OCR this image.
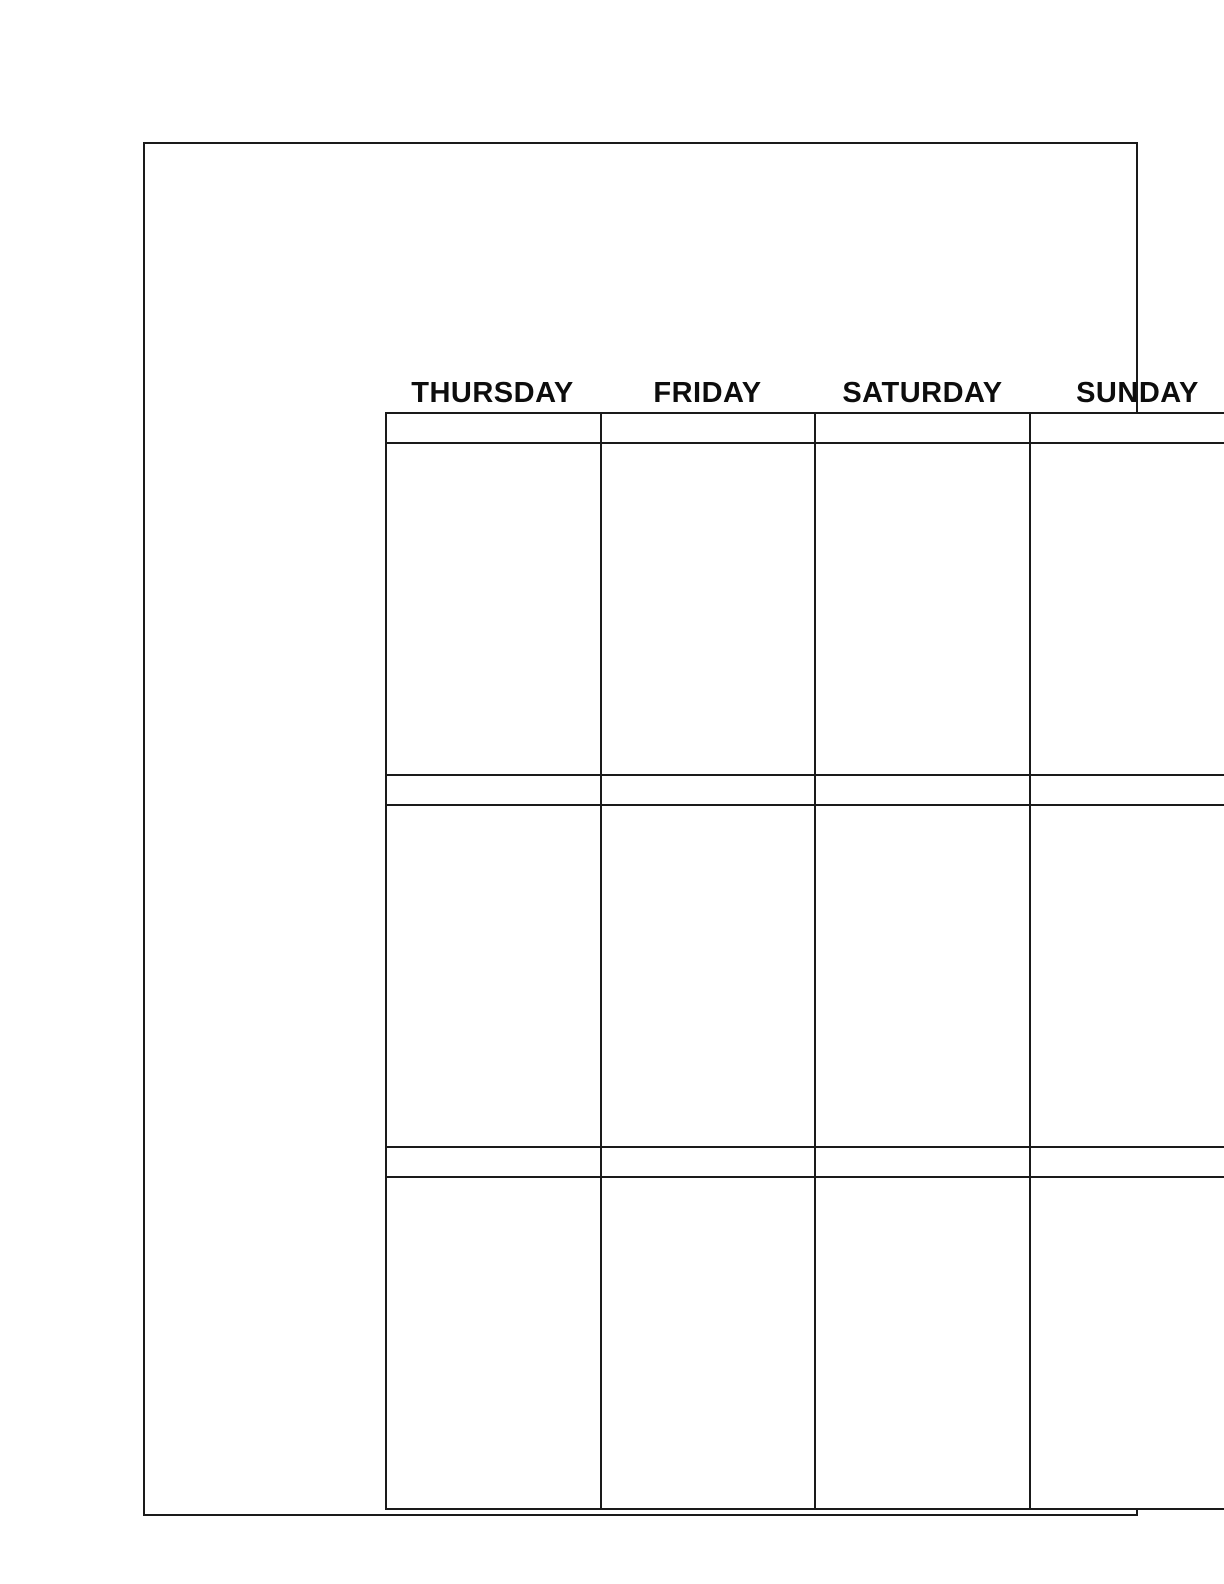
THURSDAY	FRIDAY	SATURDAY	SUNDAY
